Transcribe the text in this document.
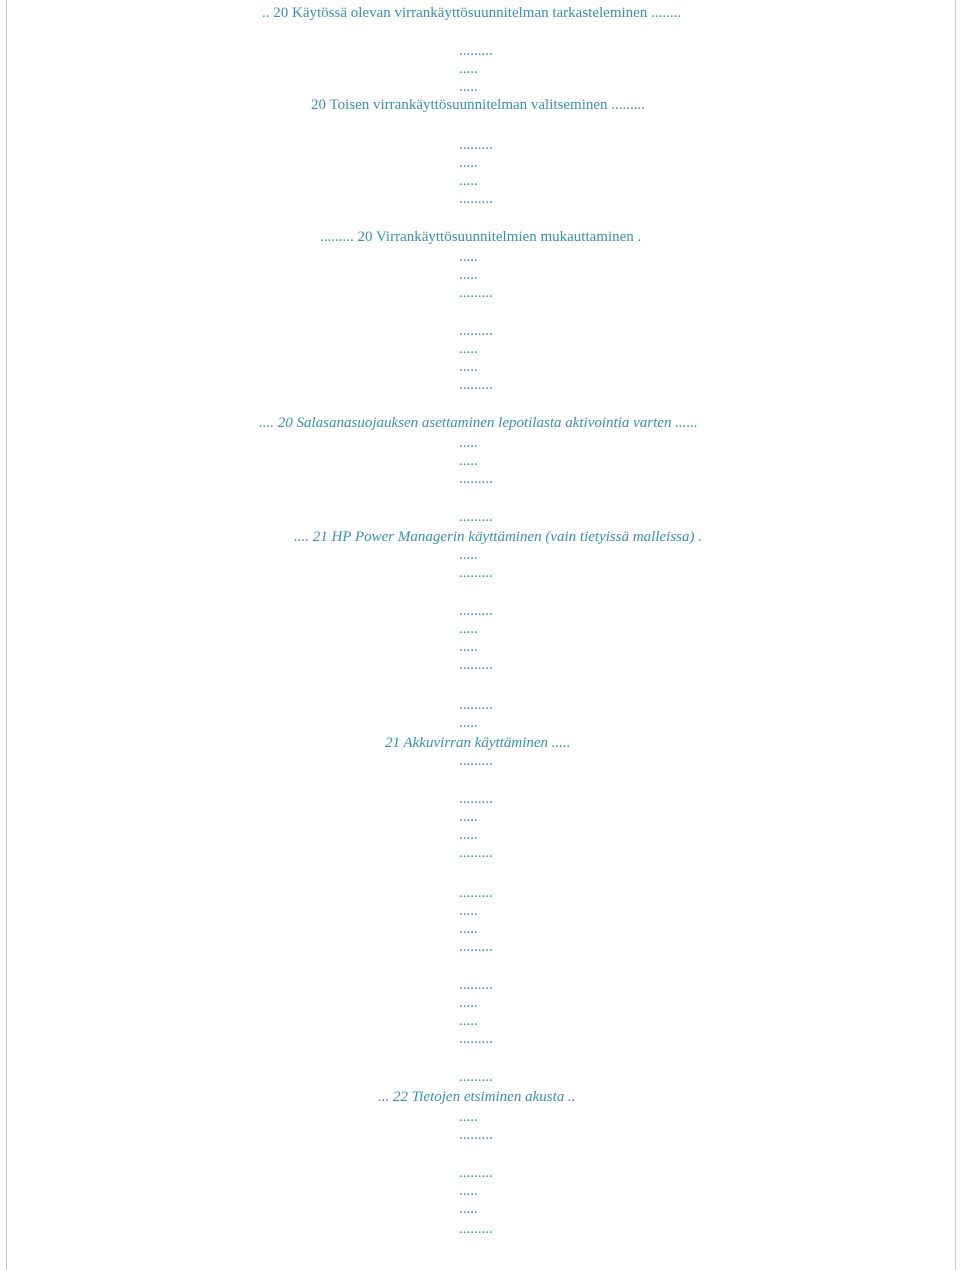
.. 20 Käytössä olevan virrankäyttösuunnitelman tarkasteleminen ........
.........
.....
.....
20 Toisen virrankäyttösuunnitelman valitseminen .........
.........
.....
.....
.........
......... 20 Virrankäyttösuunnitelmien mukauttaminen .
.....
.....
.........
.........
.....
.....
.........
.... 20 Salasanasuojauksen asettaminen lepotilasta aktivointia varten ......
.....
.....
.........
.........
.... 21 HP Power Managerin käyttäminen (vain tietyissä malleissa) .
.....
.........
.........
.....
.....
.........
.........
.....
21 Akkuvirran käyttäminen .....
.........
.........
.....
.....
.........
.........
.....
.....
.........
.........
.....
.....
.........
.........
... 22 Tietojen etsiminen akusta ..
.....
.........
.........
.....
.....
.........
